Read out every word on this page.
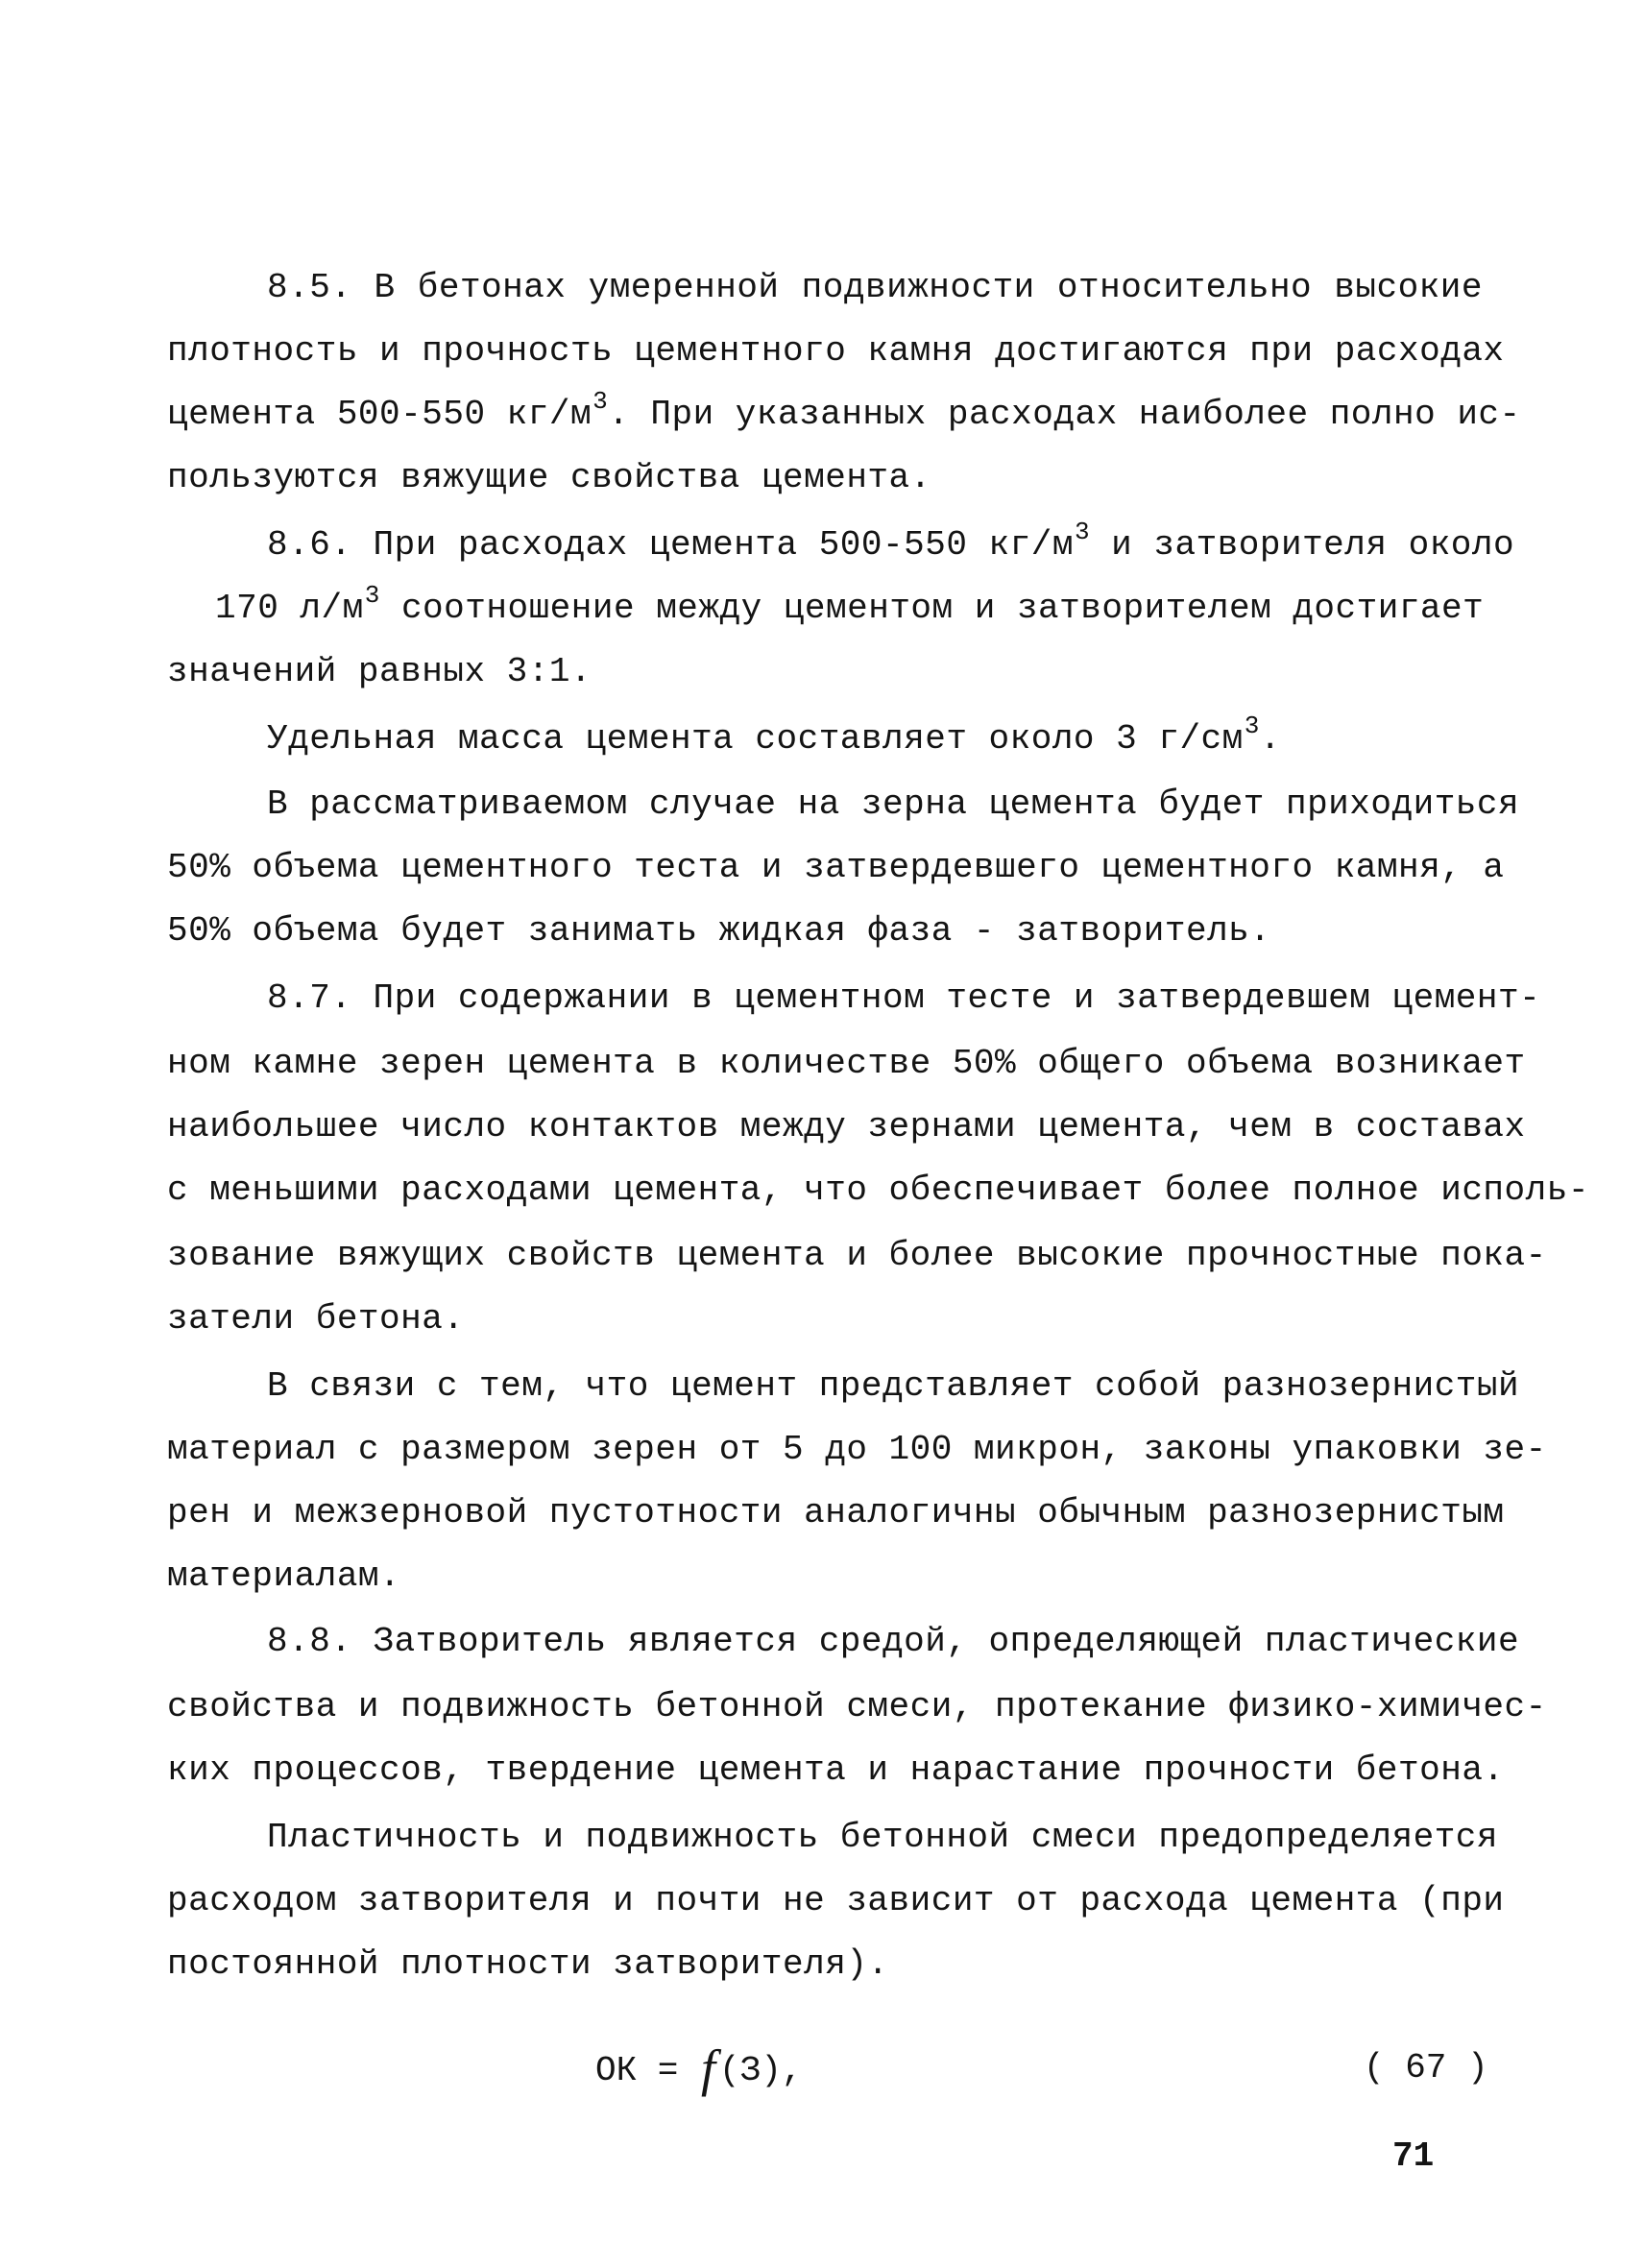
8.5. В бетонах умеренной подвижности относительно высокие
плотность и прочность цементного камня достигаются при расходах
цемента 500-550 $кг/м^3$. При указанных расходах наиболее полно ис-
пользуются вяжущие свойства цемента.
8.6. При расходах цемента 500-550 $кг/м^3$ и затворителя около
170 $л/м^3$ соотношение между цементом и затворителем достигает
значений равных 3:1.
Удельная масса цемента составляет около 3 $г/см^3$.
В рассматриваемом случае на зерна цемента будет приходиться
50% объема цементного теста и затвердевшего цементного камня, а
50% объема будет занимать жидкая фаза - затворитель.
8.7. При содержании в цементном тесте и затвердевшем цемент-
ном камне зерен цемента в количестве 50% общего объема возникает
наибольшее число контактов между зернами цемента, чем в составах
с меньшими расходами цемента, что обеспечивает более полное исполь-
зование вяжущих свойств цемента и более высокие прочностные пока-
затели бетона.
В связи с тем, что цемент представляет собой разнозернистый
материал с размером зерен от 5 до 100 микрон, законы упаковки зе-
рен и межзерновой пустотности аналогичны обычным разнозернистым
материалам.
8.8. Затворитель является средой, определяющей пластические
свойства и подвижность бетонной смеси, протекание физико-химичес-
ких процессов, твердение цемента и нарастание прочности бетона.
Пластичность и подвижность бетонной смеси предопределяется
расходом затворителя и почти не зависит от расхода цемента (при
постоянной плотности затворителя).
ОК = f (З),	( 67 )
71
